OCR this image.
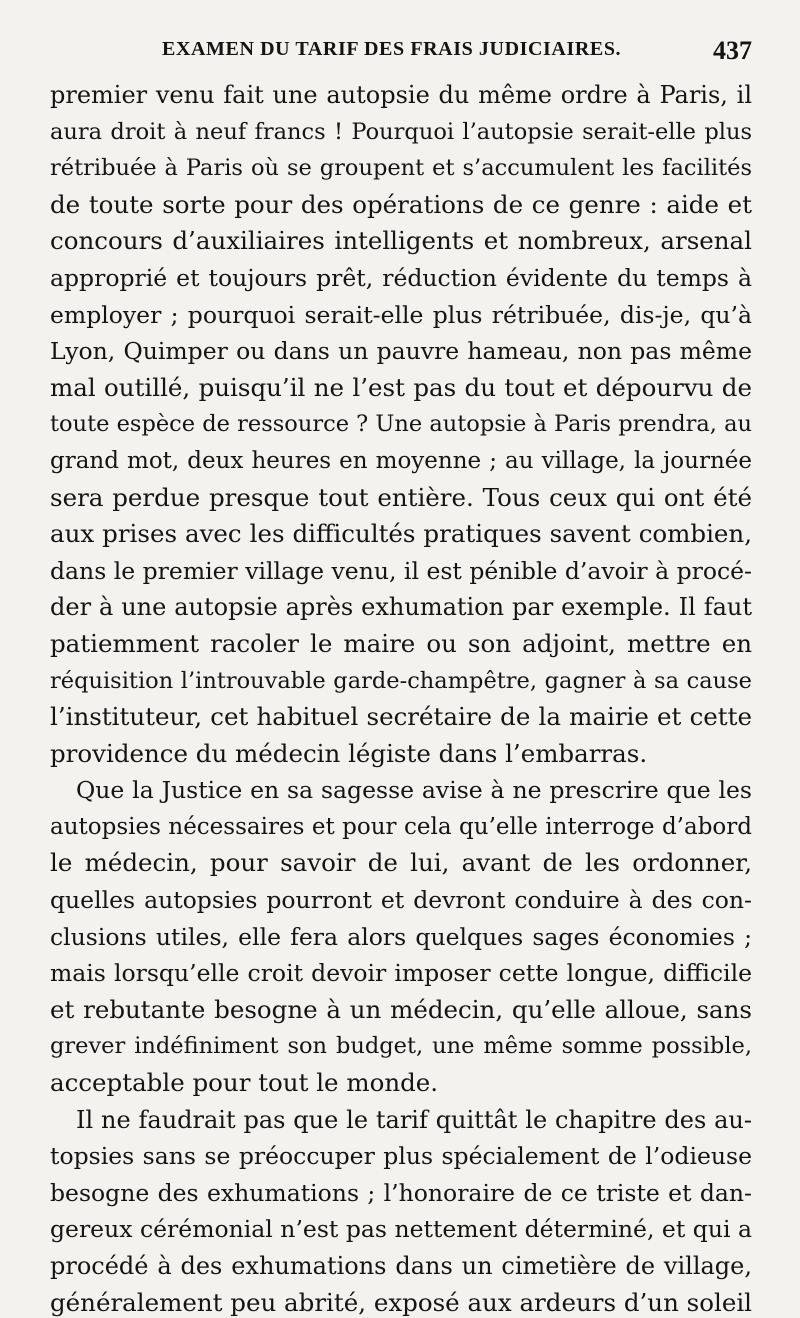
EXAMEN DU TARIF DES FRAIS JUDICIAIRES.	437
premier venu fait une autopsie du même ordre à Paris, il
aura droit à neuf francs ! Pourquoi l’autopsie serait-elle plus
rétribuée à Paris où se groupent et s’accumulent les facilités
de toute sorte pour des opérations de ce genre : aide et
concours d’auxiliaires intelligents et nombreux, arsenal
approprié et toujours prêt, réduction évidente du temps à
employer ; pourquoi serait-elle plus rétribuée, dis-je, qu’à
Lyon, Quimper ou dans un pauvre hameau, non pas même
mal outillé, puisqu’il ne l’est pas du tout et dépourvu de
toute espèce de ressource ? Une autopsie à Paris prendra, au
grand mot, deux heures en moyenne ; au village, la journée
sera perdue presque tout entière. Tous ceux qui ont été
aux prises avec les difficultés pratiques savent combien,
dans le premier village venu, il est pénible d’avoir à procé-
der à une autopsie après exhumation par exemple. Il faut
patiemment racoler le maire ou son adjoint, mettre en
réquisition l’introuvable garde-champêtre, gagner à sa cause
l’instituteur, cet habituel secrétaire de la mairie et cette
providence du médecin légiste dans l’embarras.
Que la Justice en sa sagesse avise à ne prescrire que les
autopsies nécessaires et pour cela qu’elle interroge d’abord
le médecin, pour savoir de lui, avant de les ordonner,
quelles autopsies pourront et devront conduire à des con-
clusions utiles, elle fera alors quelques sages économies ;
mais lorsqu’elle croit devoir imposer cette longue, difficile
et rebutante besogne à un médecin, qu’elle alloue, sans
grever indéfiniment son budget, une même somme possible,
acceptable pour tout le monde.
Il ne faudrait pas que le tarif quittât le chapitre des au-
topsies sans se préoccuper plus spécialement de l’odieuse
besogne des exhumations ; l’honoraire de ce triste et dan-
gereux cérémonial n’est pas nettement déterminé, et qui a
procédé à des exhumations dans un cimetière de village,
généralement peu abrité, exposé aux ardeurs d’un soleil
